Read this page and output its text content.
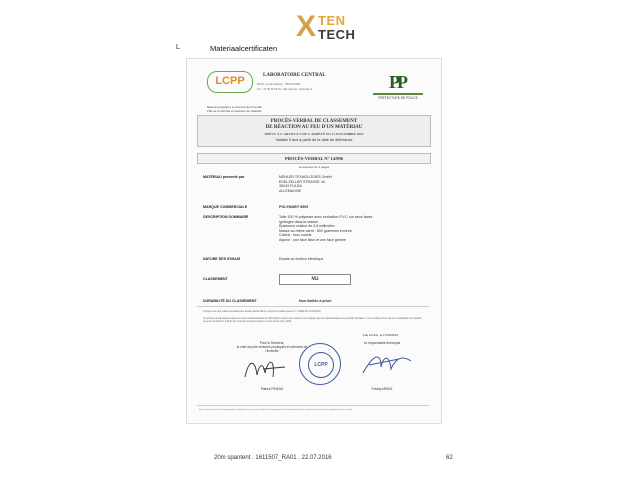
X TEN
TECH
L	Materiaalcertificaten
LCPP	LABORATOIRE CENTRAL
39 bis, rue de Dantzig - 75015 PARIS
Tél. : 01 55 76 25 53 - Site internet : www.lcpp.fr
Mesures physiques et sciences de l'incendie
Pôle de conformité et examens de matériels
PP
PRÉFECTURE DE POLICE
PROCÈS-VERBAL DE CLASSEMENT
DE RÉACTION AU FEU D'UN MATÉRIAU
PRÉVU À L'ARTICLE 5 DE L'ARRÊTÉ DU 21 NOVEMBRE 2002
Valable 5 ans à partir de la date de délivrance
PROCÈS-VERBAL N° 14/996
et annexes de 1 pages
MATÉRIAU présenté par	MEHLER TEXNOLOGIES GmbH
EDELZELLER STRASSE 44
36043 FULDA
ALLEMAGNE
MARQUE COMMERCIALE	POLYMAR® 8509
DESCRIPTION SOMMAIRE	Toile 100 % polyester avec enduction P.V.C sur deux faces
ignifugée dans la masse.
Épaisseur voisine de 0,8 millimètre.
Masse au mètre carré : 800 grammes environ.
Coloris : tous coloris
Aspect : une face lisse et une face grenée
NATURE DES ESSAIS	Essais au brûleur électrique
CLASSEMENT	M2
DURABILITÉ DU CLASSEMENT	Non limitée à priori
Compte tenu des critères résultant des essais décrits dans le rapport d'essais annexé n° 14/996 du 17/03/2014.
Ce procès-verbal atteste uniquement des caractéristiques de l'échantillon soumis aux essais et ne préjuge pas des caractéristiques de produits similaires. Il ne constitue donc pas une certification de produits au sens de l'article L 115-27 du code de la consommation et de la loi du 3 juin 1994.
Fait à Paris, le 17/03/2014
Pour le Directeur,
le chef du pôle mesures physiques et sciences de
l'incendie
Le responsable technique
LCPP
Patrick PINEAU	Freddy MSIKA
Seuls sont autorisés les reproductions intégrales de ce procès-verbal de classement ou de l'ensemble procès-verbal de classement et rapport d'essais annexé.
20m spantent . 1611507_RA01 . 22.07.2016	62
